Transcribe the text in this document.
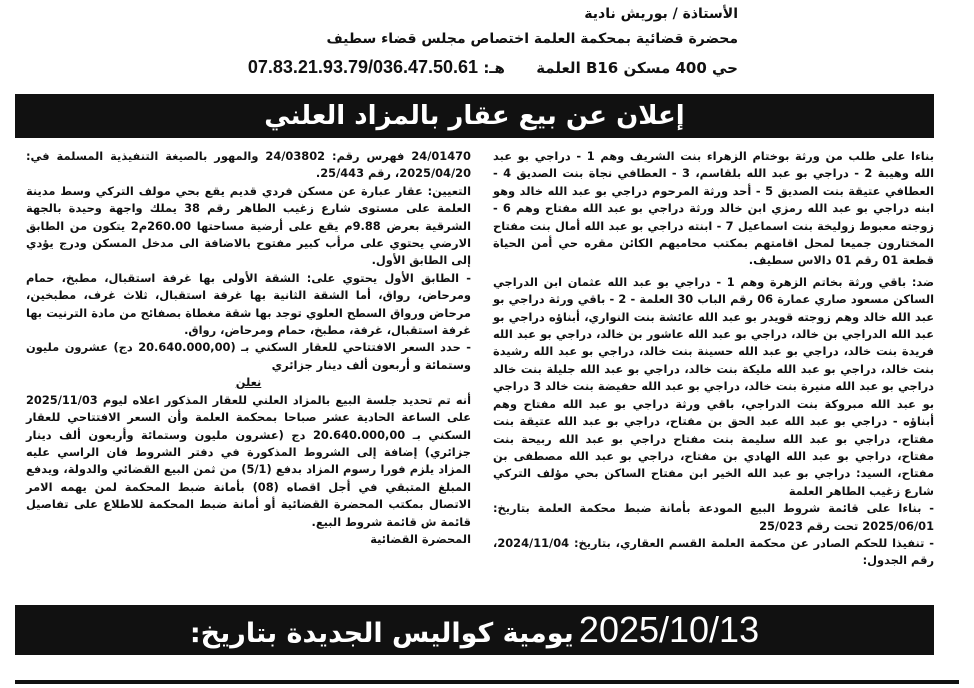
الأستاذة / بوريش نادية
محضرة قضائية بمحكمة العلمة اختصاص مجلس قضاء سطيف
حي 400 مسكن B16 العلمة      هـ: 07.83.21.93.79/036.47.50.61
إعلان عن بيع عقار بالمزاد العلني

بناءا على طلب من ورثة بوختام الزهراء بنت الشريف وهم 1 - دراجي بو عبد الله وهيبة 2 - دراجي بو عبد الله بلقاسم، 3 - العطافي نجاة بنت الصديق 4 - العطافي عتيقة بنت الصديق 5 - أحد ورثة المرحوم دراجي بو عبد الله خالد وهو ابنه دراجي بو عبد الله رمزي ابن خالد ورثة دراجي بو عبد الله مفتاح وهم 6 - زوجته معبوط زوليخة بنت اسماعيل 7 - ابنته دراجي بو عبد الله أمال بنت مفتاح المختارون جميعا لمحل اقامتهم بمكتب محاميهم الكائن مقره حي أمن الحياة قطعة 01 رقم 01 دالاس سطيف.

ضد: باقي ورثة بخاتم الزهرة وهم 1 - دراجي بو عبد الله عثمان ابن الدراجي الساكن مسعود صاري عمارة 06 رقم الباب 30 العلمة - 2 - باقي ورثة دراجي بو عبد الله خالد وهم زوجته قويدر بو عبد الله عائشة بنت النواري، أبناؤه دراجي بو عبد الله الدراجي بن خالد، دراجي بو عبد الله عاشور بن خالد، دراجي بو عبد الله فريدة بنت خالد، دراجي بو عبد الله حسينة بنت خالد، دراجي بو عبد الله رشيدة بنت خالد، دراجي بو عبد الله مليكة بنت خالد، دراجي بو عبد الله جليلة بنت خالد دراجي بو عبد الله منيرة بنت خالد، دراجي بو عبد الله حفيضة بنت خالد 3 دراجي بو عبد الله مبروكة بنت الدراجي، باقي ورثة دراجي بو عبد الله مفتاح وهم أبناؤه - دراجي بو عبد الله عبد الحق بن مفتاح، دراجي بو عبد الله عتيقة بنت مفتاح، دراجي بو عبد الله سليمة بنت مفتاح دراجي بو عبد الله ربيحة بنت مفتاح، دراجي بو عبد الله الهادي بن مفتاح، دراجي بو عبد الله مصطفى بن مفتاح، السيد: دراجي بو عبد الله الخير ابن مفتاح الساكن بحي مؤلف التركي شارع زغيب الطاهر العلمة

- بناءا على قائمة شروط البيع المودعة بأمانة ضبط محكمة العلمة بتاريخ: 2025/06/01 تحت رقم 25/023

- تنفيذا للحكم الصادر عن محكمة العلمة القسم العقاري، بتاريخ: 2024/11/04، رقم الجدول:

24/01470 فهرس رقم: 24/03802 والمهور بالصيغة التنفيذية المسلمة في: 2025/04/20، رقم 25/443.

التعيين: عقار عبارة عن مسكن فردي قديم يقع بحي مولف التركي وسط مدينة العلمة على مستوى شارع زغيب الطاهر رقم 38 يملك واجهة وحيدة بالجهة الشرقية بعرض 9.88م يقع على أرضية مساحتها 260.00م2 يتكون من الطابق الارضي يحتوي على مرأب كبير مفتوح بالاضافة الى مدخل المسكن ودرج يؤدي إلى الطابق الأول.

- الطابق الأول يحتوي على: الشقة الأولى بها غرفة استقبال، مطبخ، حمام ومرحاض، رواق، أما الشقة الثانية بها غرفة استقبال، ثلاث غرف، مطبخين، مرحاض ورواق السطح العلوي توجد بها شقة مغطاة بصفائح من مادة الترنيت بها غرفة استقبال، غرفة، مطبخ، حمام ومرحاض، رواق.

- حدد السعر الافتتاحي للعقار السكني بـ (20.640.000,00 دج) عشرون مليون وستمائة و أربعون ألف دينار جزائري

نعلن

أنه تم تحديد جلسة البيع بالمزاد العلني للعقار المذكور اعلاه ليوم 2025/11/03 على الساعة الحادية عشر صباحا بمحكمة العلمة وأن السعر الافتتاحي للعقار السكني بـ 20.640.000,00 دج (عشرون مليون وستمائة وأربعون ألف دينار جزائري) إضافة إلى الشروط المذكورة في دفتر الشروط فان الراسي عليه المزاد يلزم فورا رسوم المزاد بدفع (5/1) من ثمن البيع القضائي والدولة، ويدفع المبلغ المتبقي في أجل اقصاه (08) بأمانة ضبط المحكمة لمن يهمه الامر الاتصال بمكتب المحضرة القضائية أو أمانة ضبط المحكمة للاطلاع على تفاصيل قائمة ش قائمة شروط البيع.

المحضرة القضائية

يومية كواليس الجديدة بتاريخ: 2025/10/13
